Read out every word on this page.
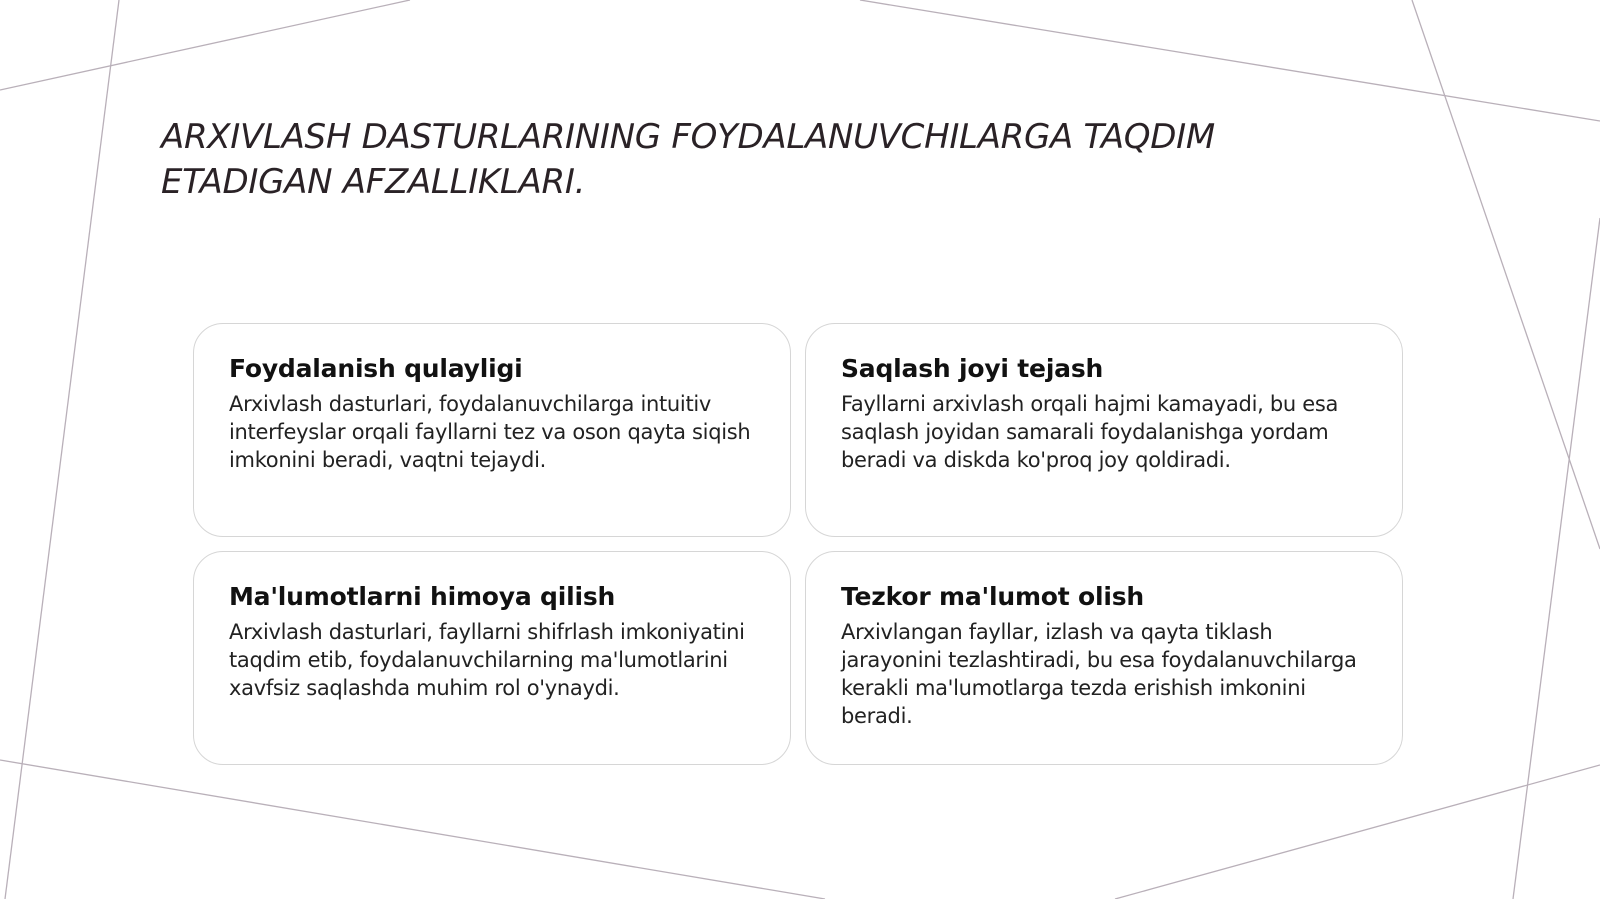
ARXIVLASH DASTURLARINING FOYDALANUVCHILARGA TAQDIM ETADIGAN AFZALLIKLARI.
Foydalanish qulayligi

Arxivlash dasturlari, foydalanuvchilarga intuitiv interfeyslar orqali fayllarni tez va oson qayta siqish imkonini beradi, vaqtni tejaydi.

Saqlash joyi tejash

Fayllarni arxivlash orqali hajmi kamayadi, bu esa saqlash joyidan samarali foydalanishga yordam beradi va diskda ko'proq joy qoldiradi.

Ma'lumotlarni himoya qilish

Arxivlash dasturlari, fayllarni shifrlash imkoniyatini taqdim etib, foydalanuvchilarning ma'lumotlarini xavfsiz saqlashda muhim rol o'ynaydi.

Tezkor ma'lumot olish

Arxivlangan fayllar, izlash va qayta tiklash jarayonini tezlashtiradi, bu esa foydalanuvchilarga kerakli ma'lumotlarga tezda erishish imkonini beradi.
